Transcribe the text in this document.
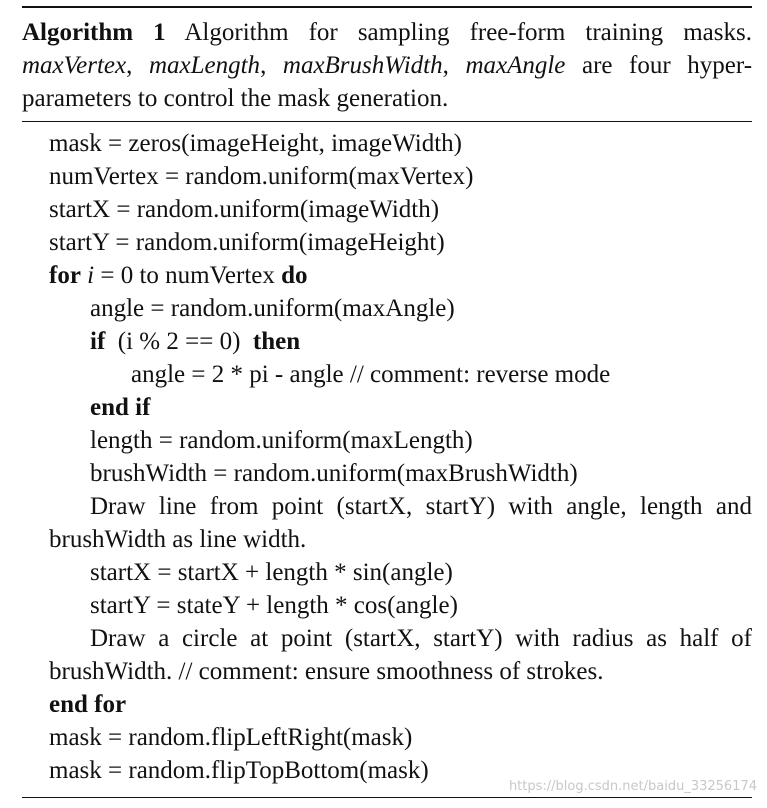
Algorithm 1 Algorithm for sampling free-form training masks. maxVertex, maxLength, maxBrushWidth, maxAngle are four hyper-parameters to control the mask generation.
mask = zeros(imageHeight, imageWidth)
numVertex = random.uniform(maxVertex)
startX = random.uniform(imageWidth)
startY = random.uniform(imageHeight)
for i = 0 to numVertex do
angle = random.uniform(maxAngle)
if  (i % 2 == 0)  then
angle = 2 * pi - angle // comment: reverse mode
end if
length = random.uniform(maxLength)
brushWidth = random.uniform(maxBrushWidth)
Draw line from point (startX, startY) with angle, length and brushWidth as line width.
startX = startX + length * sin(angle)
startY = stateY + length * cos(angle)
Draw a circle at point (startX, startY) with radius as half of brushWidth. // comment: ensure smoothness of strokes.
end for
mask = random.flipLeftRight(mask)
mask = random.flipTopBottom(mask)
https://blog.csdn.net/baidu_33256174
